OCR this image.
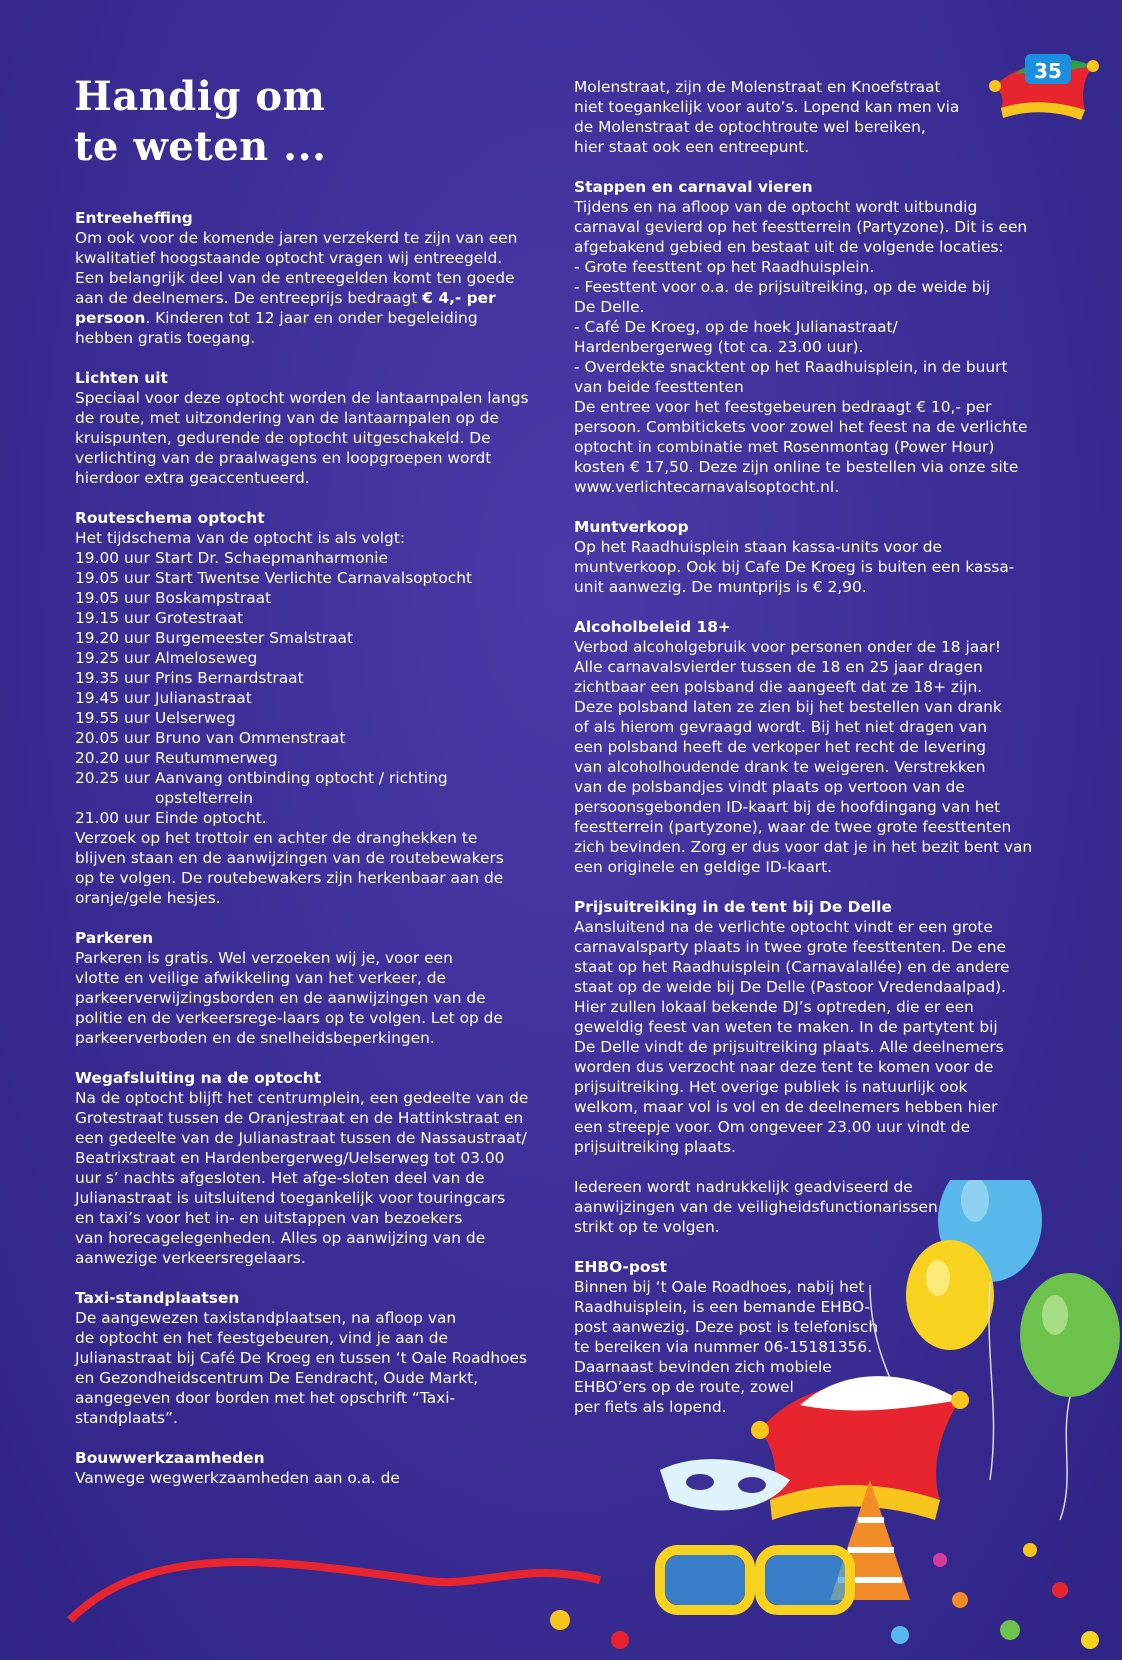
35
Handig om
te weten ...
Entreeheffing
Om ook voor de komende jaren verzekerd te zijn van een
kwalitatief hoogstaande optocht vragen wij entreegeld.
Een belangrijk deel van de entreegelden komt ten goede
aan de deelnemers. De entreeprijs bedraagt € 4,- per
persoon. Kinderen tot 12 jaar en onder begeleiding
hebben gratis toegang.
Lichten uit
Speciaal voor deze optocht worden de lantaarnpalen langs
de route, met uitzondering van de lantaarnpalen op de
kruispunten, gedurende de optocht uitgeschakeld. De
verlichting van de praalwagens en loopgroepen wordt
hierdoor extra geaccentueerd.
Routeschema optocht
Het tijdschema van de optocht is als volgt:
19.00 uur Start Dr. Schaepmanharmonie
19.05 uur Start Twentse Verlichte Carnavalsoptocht
19.05 uur Boskampstraat
19.15 uur Grotestraat
19.20 uur Burgemeester Smalstraat
19.25 uur Almeloseweg
19.35 uur Prins Bernardstraat
19.45 uur Julianastraat
19.55 uur Uelserweg
20.05 uur Bruno van Ommenstraat
20.20 uur Reutummerweg
20.25 uur Aanvang ontbinding optocht / richting
opstelterrein
21.00 uur Einde optocht.
Verzoek op het trottoir en achter de dranghekken te
blijven staan en de aanwijzingen van de routebewakers
op te volgen. De routebewakers zijn herkenbaar aan de
oranje/gele hesjes.
Parkeren
Parkeren is gratis. Wel verzoeken wij je, voor een
vlotte en veilige afwikkeling van het verkeer, de
parkeerverwijzingsborden en de aanwijzingen van de
politie en de verkeersrege-laars op te volgen. Let op de
parkeerverboden en de snelheidsbeperkingen.
Wegafsluiting na de optocht
Na de optocht blijft het centrumplein, een gedeelte van de
Grotestraat tussen de Oranjestraat en de Hattinkstraat en
een gedeelte van de Julianastraat tussen de Nassaustraat/
Beatrixstraat en Hardenbergerweg/Uelserweg tot 03.00
uur s’ nachts afgesloten. Het afge-sloten deel van de
Julianastraat is uitsluitend toegankelijk voor touringcars
en taxi’s voor het in- en uitstappen van bezoekers
van horecagelegenheden. Alles op aanwijzing van de
aanwezige verkeersregelaars.
Taxi-standplaatsen
De aangewezen taxistandplaatsen, na afloop van
de optocht en het feestgebeuren, vind je aan de
Julianastraat bij Café De Kroeg en tussen ‘t Oale Roadhoes
en Gezondheidscentrum De Eendracht, Oude Markt,
aangegeven door borden met het opschrift “Taxi-
standplaats”.
Bouwwerkzaamheden
Vanwege wegwerkzaamheden aan o.a. de
Molenstraat, zijn de Molenstraat en Knoefstraat
niet toegankelijk voor auto’s. Lopend kan men via
de Molenstraat de optochtroute wel bereiken,
hier staat ook een entreepunt.
Stappen en carnaval vieren
Tijdens en na afloop van de optocht wordt uitbundig
carnaval gevierd op het feestterrein (Partyzone). Dit is een
afgebakend gebied en bestaat uit de volgende locaties:
- Grote feesttent op het Raadhuisplein.
- Feesttent voor o.a. de prijsuitreiking, op de weide bij
De Delle.
- Café De Kroeg, op de hoek Julianastraat/
Hardenbergerweg (tot ca. 23.00 uur).
- Overdekte snacktent op het Raadhuisplein, in de buurt
van beide feesttenten
De entree voor het feestgebeuren bedraagt € 10,- per
persoon. Combitickets voor zowel het feest na de verlichte
optocht in combinatie met Rosenmontag (Power Hour)
kosten € 17,50. Deze zijn online te bestellen via onze site
www.verlichtecarnavalsoptocht.nl.
Muntverkoop
Op het Raadhuisplein staan kassa-units voor de
muntverkoop. Ook bij Cafe De Kroeg is buiten een kassa-
unit aanwezig. De muntprijs is € 2,90.
Alcoholbeleid 18+
Verbod alcoholgebruik voor personen onder de 18 jaar!
Alle carnavalsvierder tussen de 18 en 25 jaar dragen
zichtbaar een polsband die aangeeft dat ze 18+ zijn.
Deze polsband laten ze zien bij het bestellen van drank
of als hierom gevraagd wordt. Bij het niet dragen van
een polsband heeft de verkoper het recht de levering
van alcoholhoudende drank te weigeren. Verstrekken
van de polsbandjes vindt plaats op vertoon van de
persoonsgebonden ID-kaart bij de hoofdingang van het
feestterrein (partyzone), waar de twee grote feesttenten
zich bevinden. Zorg er dus voor dat je in het bezit bent van
een originele en geldige ID-kaart.
Prijsuitreiking in de tent bij De Delle
Aansluitend na de verlichte optocht vindt er een grote
carnavalsparty plaats in twee grote feesttenten. De ene
staat op het Raadhuisplein (Carnavalallée) en de andere
staat op de weide bij De Delle (Pastoor Vredendaalpad).
Hier zullen lokaal bekende DJ’s optreden, die er een
geweldig feest van weten te maken. In de partytent bij
De Delle vindt de prijsuitreiking plaats. Alle deelnemers
worden dus verzocht naar deze tent te komen voor de
prijsuitreiking. Het overige publiek is natuurlijk ook
welkom, maar vol is vol en de deelnemers hebben hier
een streepje voor. Om ongeveer 23.00 uur vindt de
prijsuitreiking plaats.
Iedereen wordt nadrukkelijk geadviseerd de
aanwijzingen van de veiligheidsfunctionarissen
strikt op te volgen.
EHBO-post
Binnen bij ‘t Oale Roadhoes, nabij het
Raadhuisplein, is een bemande EHBO-
post aanwezig. Deze post is telefonisch
te bereiken via nummer 06-15181356.
Daarnaast bevinden zich mobiele
EHBO’ers op de route, zowel
per fiets als lopend.
